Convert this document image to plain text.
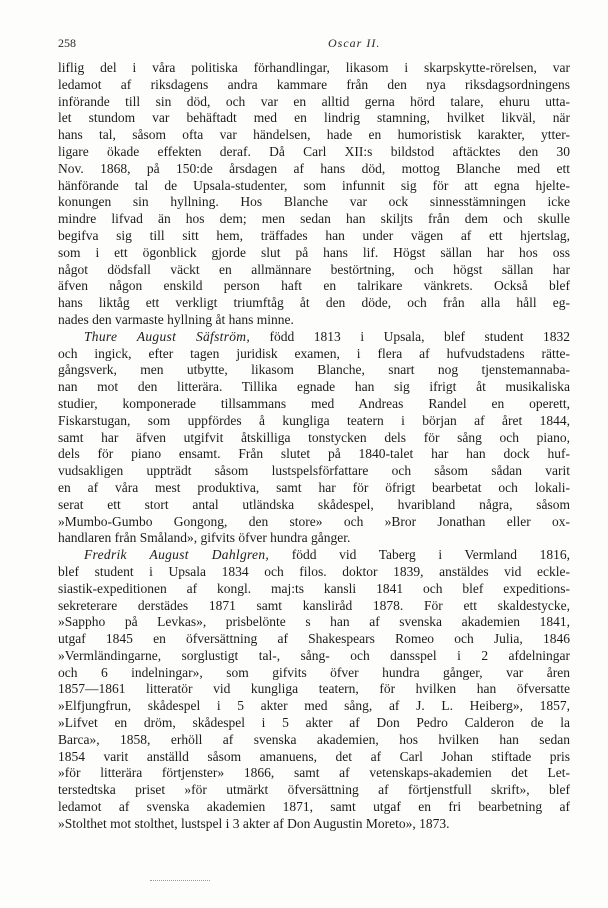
258	Oscar II.
liflig del i våra politiska förhandlingar, likasom i skarpskytte-rörelsen, var
ledamot af riksdagens andra kammare från den nya riksdagsordningens
införande till sin död, och var en alltid gerna hörd talare, ehuru utta-
let stundom var behäftadt med en lindrig stamning, hvilket likväl, när
hans tal, såsom ofta var händelsen, hade en humoristisk karakter, ytter-
ligare ökade effekten deraf. Då Carl XII:s bildstod aftäcktes den 30
Nov. 1868, på 150:de årsdagen af hans död, mottog Blanche med ett
hänförande tal de Upsala-studenter, som infunnit sig för att egna hjelte-
konungen sin hyllning. Hos Blanche var ock sinnesstämningen icke
mindre lifvad än hos dem; men sedan han skiljts från dem och skulle
begifva sig till sitt hem, träffades han under vägen af ett hjertslag,
som i ett ögonblick gjorde slut på hans lif. Högst sällan har hos oss
något dödsfall väckt en allmännare bestörtning, och högst sällan har
äfven någon enskild person haft en talrikare vänkrets. Också blef
hans liktåg ett verkligt triumftåg åt den döde, och från alla håll eg-
nades den varmaste hyllning åt hans minne.
Thure August Säfström, född 1813 i Upsala, blef student 1832
och ingick, efter tagen juridisk examen, i flera af hufvudstadens rätte-
gångsverk, men utbytte, likasom Blanche, snart nog tjenstemannaba-
nan mot den litterära. Tillika egnade han sig ifrigt åt musikaliska
studier, komponerade tillsammans med Andreas Randel en operett,
Fiskarstugan, som uppfördes å kungliga teatern i början af året 1844,
samt har äfven utgifvit åtskilliga tonstycken dels för sång och piano,
dels för piano ensamt. Från slutet på 1840-talet har han dock huf-
vudsakligen uppträdt såsom lustspelsförfattare och såsom sådan varit
en af våra mest produktiva, samt har för öfrigt bearbetat och lokali-
serat ett stort antal utländska skådespel, hvaribland några, såsom
»Mumbo-Gumbo Gongong, den store» och »Bror Jonathan eller ox-
handlaren från Småland», gifvits öfver hundra gånger.
Fredrik August Dahlgren, född vid Taberg i Vermland 1816,
blef student i Upsala 1834 och filos. doktor 1839, anstäldes vid eckle-
siastik-expeditionen af kongl. maj:ts kansli 1841 och blef expeditions-
sekreterare derstädes 1871 samt kansliråd 1878. För ett skaldestycke,
»Sappho på Levkas», prisbelönte s han af svenska akademien 1841,
utgaf 1845 en öfversättning af Shakespears Romeo och Julia, 1846
»Vermländingarne, sorglustigt tal-, sång- och dansspel i 2 afdelningar
och 6 indelningar», som gifvits öfver hundra gånger, var åren
1857—1861 litteratör vid kungliga teatern, för hvilken han öfversatte
»Elfjungfrun, skådespel i 5 akter med sång, af J. L. Heiberg», 1857,
»Lifvet en dröm, skådespel i 5 akter af Don Pedro Calderon de la
Barca», 1858, erhöll af svenska akademien, hos hvilken han sedan
1854 varit anställd såsom amanuens, det af Carl Johan stiftade pris
»för litterära förtjenster» 1866, samt af vetenskaps-akademien det Let-
terstedtska priset »för utmärkt öfversättning af förtjenstfull skrift», blef
ledamot af svenska akademien 1871, samt utgaf en fri bearbetning af
»Stolthet mot stolthet, lustspel i 3 akter af Don Augustin Moreto», 1873.
